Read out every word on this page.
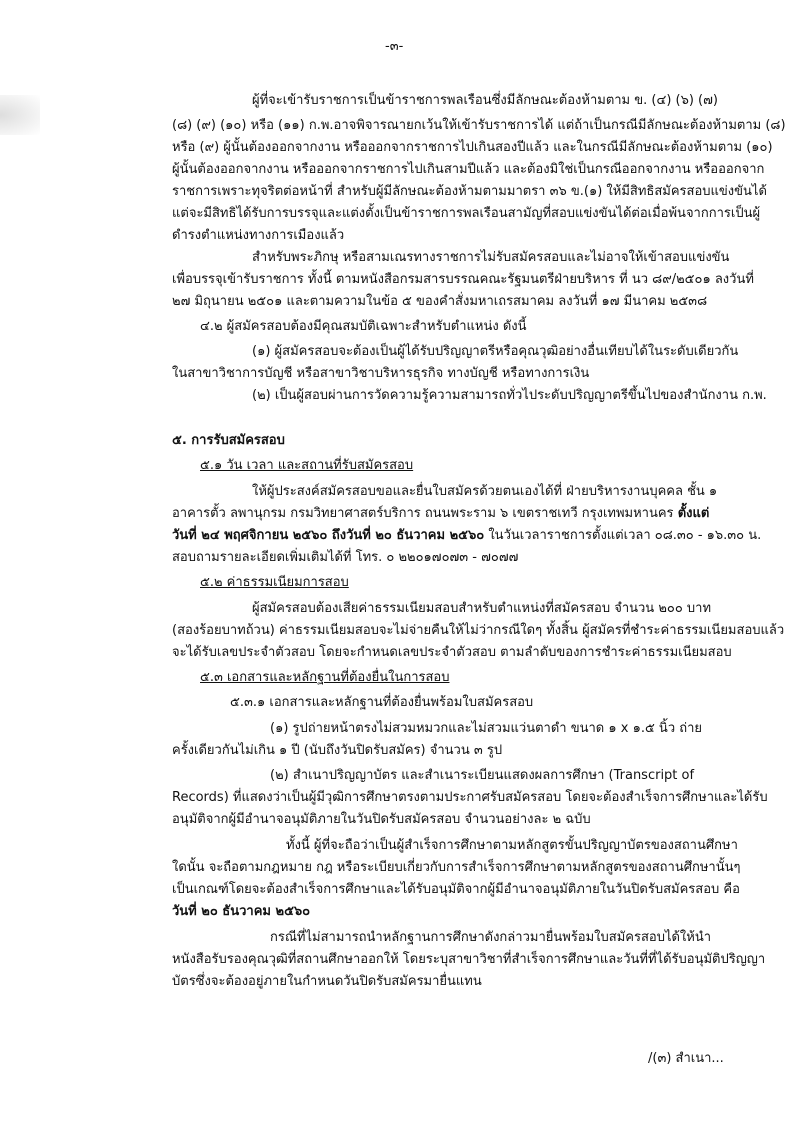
-๓-
ผู้ที่จะเข้ารับราชการเป็นข้าราชการพลเรือนซึ่งมีลักษณะต้องห้ามตาม ข. (๔) (๖) (๗)
(๘) (๙) (๑๐) หรือ (๑๑) ก.พ.อาจพิจารณายกเว้นให้เข้ารับราชการได้ แต่ถ้าเป็นกรณีมีลักษณะต้องห้ามตาม (๘)
หรือ (๙) ผู้นั้นต้องออกจากงาน หรือออกจากราชการไปเกินสองปีแล้ว และในกรณีมีลักษณะต้องห้ามตาม (๑๐)
ผู้นั้นต้องออกจากงาน หรือออกจากราชการไปเกินสามปีแล้ว และต้องมิใช่เป็นกรณีออกจากงาน หรือออกจาก
ราชการเพราะทุจริตต่อหน้าที่ สำหรับผู้มีลักษณะต้องห้ามตามมาตรา ๓๖ ข.(๑) ให้มีสิทธิสมัครสอบแข่งขันได้
แต่จะมีสิทธิได้รับการบรรจุและแต่งตั้งเป็นข้าราชการพลเรือนสามัญที่สอบแข่งขันได้ต่อเมื่อพ้นจากการเป็นผู้
ดำรงตำแหน่งทางการเมืองแล้ว
สำหรับพระภิกษุ หรือสามเณรทางราชการไม่รับสมัครสอบและไม่อาจให้เข้าสอบแข่งขัน
เพื่อบรรจุเข้ารับราชการ ทั้งนี้ ตามหนังสือกรมสารบรรณคณะรัฐมนตรีฝ่ายบริหาร ที่ นว ๘๙/๒๕๐๑ ลงวันที่
๒๗ มิถุนายน ๒๕๐๑ และตามความในข้อ ๕ ของคำสั่งมหาเถรสมาคม ลงวันที่ ๑๗ มีนาคม ๒๕๓๘
๔.๒ ผู้สมัครสอบต้องมีคุณสมบัติเฉพาะสำหรับตำแหน่ง ดังนี้
(๑) ผู้สมัครสอบจะต้องเป็นผู้ได้รับปริญญาตรีหรือคุณวุฒิอย่างอื่นเทียบได้ในระดับเดียวกัน
ในสาขาวิชาการบัญชี หรือสาขาวิชาบริหารธุรกิจ ทางบัญชี หรือทางการเงิน
(๒) เป็นผู้สอบผ่านการวัดความรู้ความสามารถทั่วไประดับปริญญาตรีขึ้นไปของสำนักงาน ก.พ.
๕. การรับสมัครสอบ
๕.๑ วัน เวลา และสถานที่รับสมัครสอบ
ให้ผู้ประสงค์สมัครสอบขอและยื่นใบสมัครด้วยตนเองได้ที่ ฝ่ายบริหารงานบุคคล ชั้น ๑
อาคารตั้ว ลพานุกรม กรมวิทยาศาสตร์บริการ ถนนพระราม ๖ เขตราชเทวี กรุงเทพมหานคร ตั้งแต่
วันที่ ๒๔ พฤศจิกายน ๒๕๖๐ ถึงวันที่ ๒๐ ธันวาคม ๒๕๖๐ ในวันเวลาราชการตั้งแต่เวลา ๐๘.๓๐ - ๑๖.๓๐ น.
สอบถามรายละเอียดเพิ่มเติมได้ที่ โทร. ๐ ๒๒๐๑๗๐๗๓ - ๗๐๗๗
๕.๒ ค่าธรรมเนียมการสอบ
ผู้สมัครสอบต้องเสียค่าธรรมเนียมสอบสำหรับตำแหน่งที่สมัครสอบ จำนวน ๒๐๐ บาท
(สองร้อยบาทถ้วน) ค่าธรรมเนียมสอบจะไม่จ่ายคืนให้ไม่ว่ากรณีใดๆ ทั้งสิ้น ผู้สมัครที่ชำระค่าธรรมเนียมสอบแล้ว
จะได้รับเลขประจำตัวสอบ โดยจะกำหนดเลขประจำตัวสอบ ตามลำดับของการชำระค่าธรรมเนียมสอบ
๕.๓ เอกสารและหลักฐานที่ต้องยื่นในการสอบ
๕.๓.๑ เอกสารและหลักฐานที่ต้องยื่นพร้อมใบสมัครสอบ
(๑) รูปถ่ายหน้าตรงไม่สวมหมวกและไม่สวมแว่นตาดำ ขนาด ๑ x ๑.๕ นิ้ว ถ่าย
ครั้งเดียวกันไม่เกิน ๑ ปี (นับถึงวันปิดรับสมัคร) จำนวน ๓ รูป
(๒) สำเนาปริญญาบัตร และสำเนาระเบียนแสดงผลการศึกษา (Transcript of
Records) ที่แสดงว่าเป็นผู้มีวุฒิการศึกษาตรงตามประกาศรับสมัครสอบ โดยจะต้องสำเร็จการศึกษาและได้รับ
อนุมัติจากผู้มีอำนาจอนุมัติภายในวันปิดรับสมัครสอบ จำนวนอย่างละ ๒ ฉบับ
ทั้งนี้ ผู้ที่จะถือว่าเป็นผู้สำเร็จการศึกษาตามหลักสูตรขั้นปริญญาบัตรของสถานศึกษา
ใดนั้น จะถือตามกฎหมาย กฎ หรือระเบียบเกี่ยวกับการสำเร็จการศึกษาตามหลักสูตรของสถานศึกษานั้นๆ
เป็นเกณฑ์โดยจะต้องสำเร็จการศึกษาและได้รับอนุมัติจากผู้มีอำนาจอนุมัติภายในวันปิดรับสมัครสอบ คือ
วันที่ ๒๐ ธันวาคม ๒๕๖๐
กรณีที่ไม่สามารถนำหลักฐานการศึกษาดังกล่าวมายื่นพร้อมใบสมัครสอบได้ให้นำ
หนังสือรับรองคุณวุฒิที่สถานศึกษาออกให้ โดยระบุสาขาวิชาที่สำเร็จการศึกษาและวันที่ที่ได้รับอนุมัติปริญญา
บัตรซึ่งจะต้องอยู่ภายในกำหนดวันปิดรับสมัครมายื่นแทน
/(๓) สำเนา...
